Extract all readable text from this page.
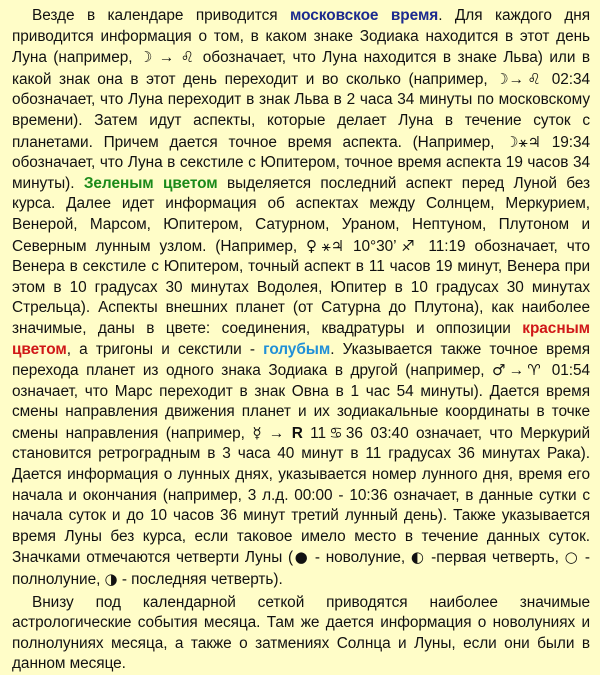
Везде в календаре приводится московское время. Для каждого дня приводится информация о том, в каком знаке Зодиака находится в этот день Луна (например, ☽ → ♌ обозначает, что Луна находится в знаке Льва) или в какой знак она в этот день переходит и во сколько (например, ☽→♌ 02:34 обозначает, что Луна переходит в знак Льва в 2 часа 34 минуты по московскому времени). Затем идут аспекты, которые делает Луна в течение суток с планетами. Причем дается точное время аспекта. (Например, ☽⚹♃ 19:34 обозначает, что Луна в секстиле с Юпитером, точное время аспекта 19 часов 34 минуты). Зеленым цветом выделяется последний аспект перед Луной без курса. Далее идет информация об аспектах между Солнцем, Меркурием, Венерой, Марсом, Юпитером, Сатурном, Ураном, Нептуном, Плутоном и Северным лунным узлом. (Например, ♀⚹♃ 10°30’♐ 11:19 обозначает, что Венера в секстиле с Юпитером, точный аспект в 11 часов 19 минут, Венера при этом в 10 градусах 30 минутах Водолея, Юпитер в 10 градусах 30 минутах Стрельца). Аспекты внешних планет (от Сатурна до Плутона), как наиболее значимые, даны в цвете: соединения, квадратуры и оппозиции красным цветом, а тригоны и секстили - голубым. Указывается также точное время перехода планет из одного знака Зодиака в другой (например, ♂→♈ 01:54 означает, что Марс переходит в знак Овна в 1 час 54 минуты). Дается время смены направления движения планет и их зодиакальные координаты в точке смены направления (например, ☿ → R 11♋36 03:40 означает, что Меркурий становится ретроградным в 3 часа 40 минут в 11 градусах 36 минутах Рака). Дается информация о лунных днях, указывается номер лунного дня, время его начала и окончания (например, 3 л.д. 00:00 - 10:36 означает, в данные сутки с начала суток и до 10 часов 36 минут третий лунный день). Также указывается время Луны без курса, если таковое имело место в течение данных суток. Значками отмечаются четверти Луны (● - новолуние, ◐ -первая четверть, ○ - полнолуние, ◑ - последняя четверть).

Внизу под календарной сеткой приводятся наиболее значимые астрологические события месяца. Там же дается информация о новолуниях и полнолуниях месяца, а также о затмениях Солнца и Луны, если они были в данном месяце.
